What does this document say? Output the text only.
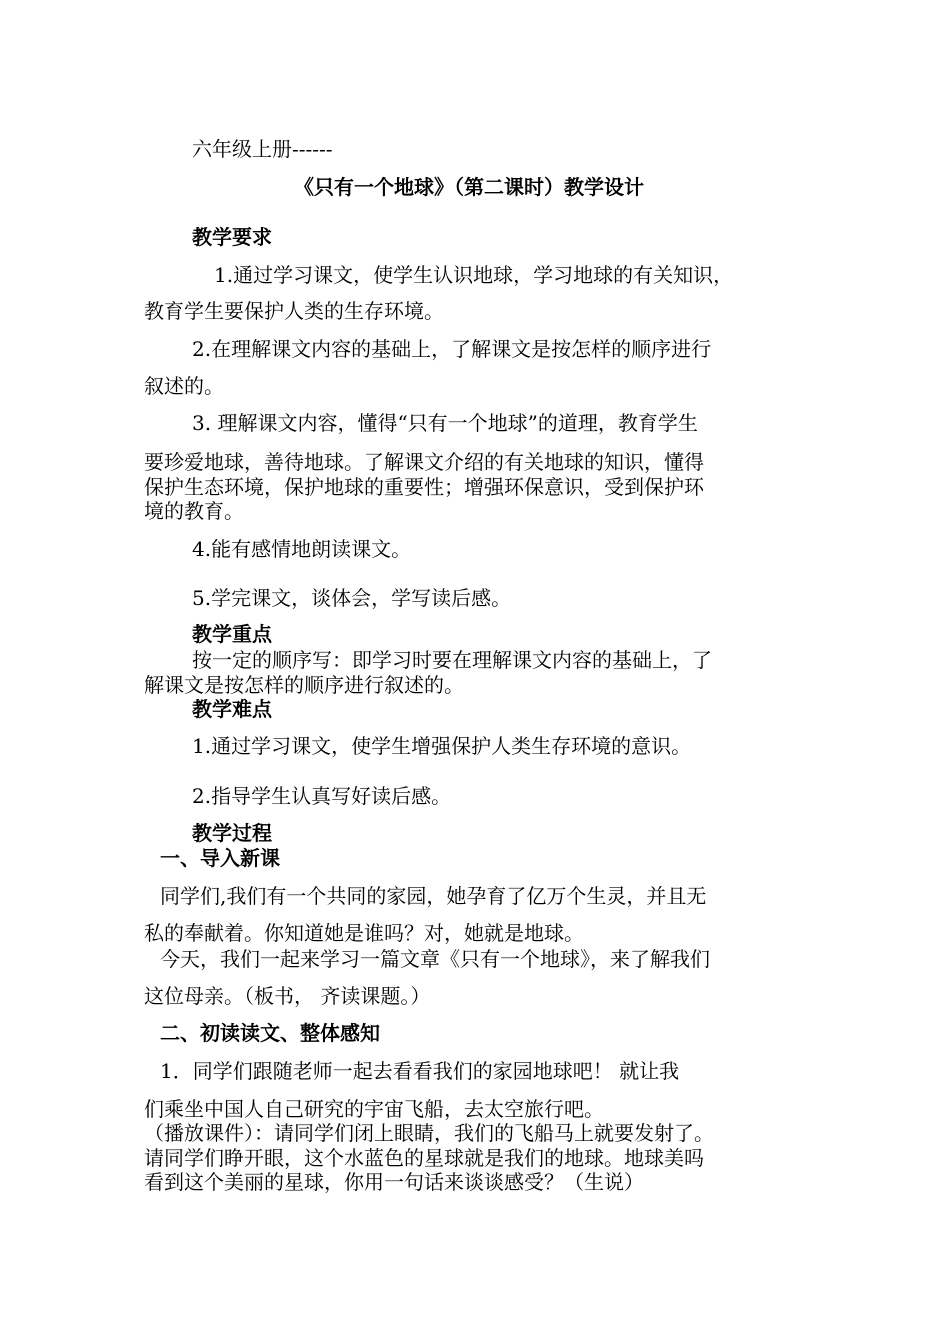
六年级上册------

《只有一个地球》（第二课时）教学设计

教学要求

1.通过学习课文，使学生认识地球，学习地球的有关知识，

教育学生要保护人类的生存环境。

2.在理解课文内容的基础上，了解课文是按怎样的顺序进行

叙述的。

3. 理解课文内容，懂得“只有一个地球”的道理，教育学生

要珍爱地球，善待地球。了解课文介绍的有关地球的知识，懂得

保护生态环境，保护地球的重要性；增强环保意识，受到保护环

境的教育。

4.能有感情地朗读课文。

5.学完课文，谈体会，学写读后感。

教学重点

按一定的顺序写：即学习时要在理解课文内容的基础上，了

解课文是按怎样的顺序进行叙述的。

教学难点

1.通过学习课文，使学生增强保护人类生存环境的意识。

2.指导学生认真写好读后感。

教学过程

一、导入新课

同学们,我们有一个共同的家园，她孕育了亿万个生灵，并且无

私的奉献着。你知道她是谁吗？对，她就是地球。

今天，我们一起来学习一篇文章《只有一个地球》，来了解我们

这位母亲。（板书， 齐读课题。）

二、初读读文、整体感知

1．同学们跟随老师一起去看看我们的家园地球吧！ 就让我

们乘坐中国人自己研究的宇宙飞船，去太空旅行吧。

（播放课件）：请同学们闭上眼睛，我们的飞船马上就要发射了。

请同学们睁开眼，这个水蓝色的星球就是我们的地球。地球美吗

看到这个美丽的星球，你用一句话来谈谈感受？（生说）
